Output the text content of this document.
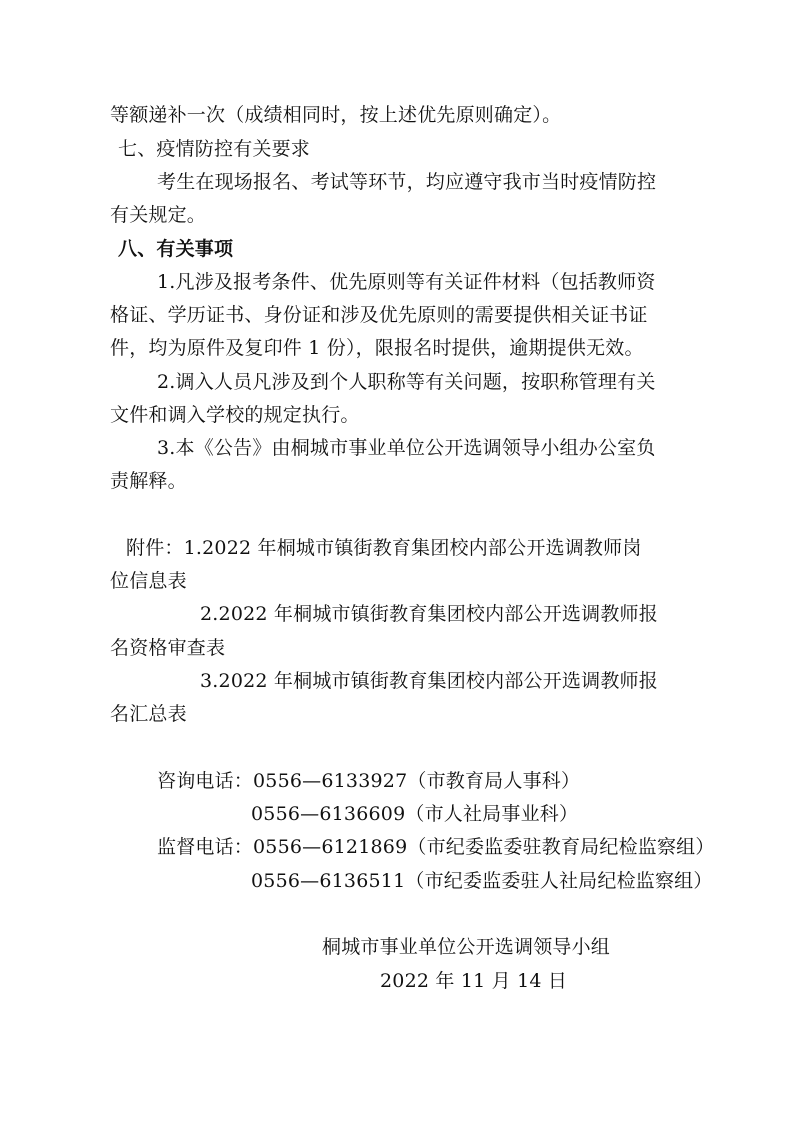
等额递补一次（成绩相同时，按上述优先原则确定）。

七、疫情防控有关要求

考生在现场报名、考试等环节，均应遵守我市当时疫情防控

有关规定。

八、有关事项

1.凡涉及报考条件、优先原则等有关证件材料（包括教师资

格证、学历证书、身份证和涉及优先原则的需要提供相关证书证

件，均为原件及复印件 1 份），限报名时提供，逾期提供无效。

2.调入人员凡涉及到个人职称等有关问题，按职称管理有关

文件和调入学校的规定执行。

3.本《公告》由桐城市事业单位公开选调领导小组办公室负

责解释。

附件：1.2022 年桐城市镇街教育集团校内部公开选调教师岗

位信息表

2.2022 年桐城市镇街教育集团校内部公开选调教师报

名资格审查表

3.2022 年桐城市镇街教育集团校内部公开选调教师报

名汇总表

咨询电话：0556—6133927（市教育局人事科）

0556—6136609（市人社局事业科）

监督电话：0556—6121869（市纪委监委驻教育局纪检监察组）

0556—6136511（市纪委监委驻人社局纪检监察组）

桐城市事业单位公开选调领导小组

2022 年 11 月 14 日
